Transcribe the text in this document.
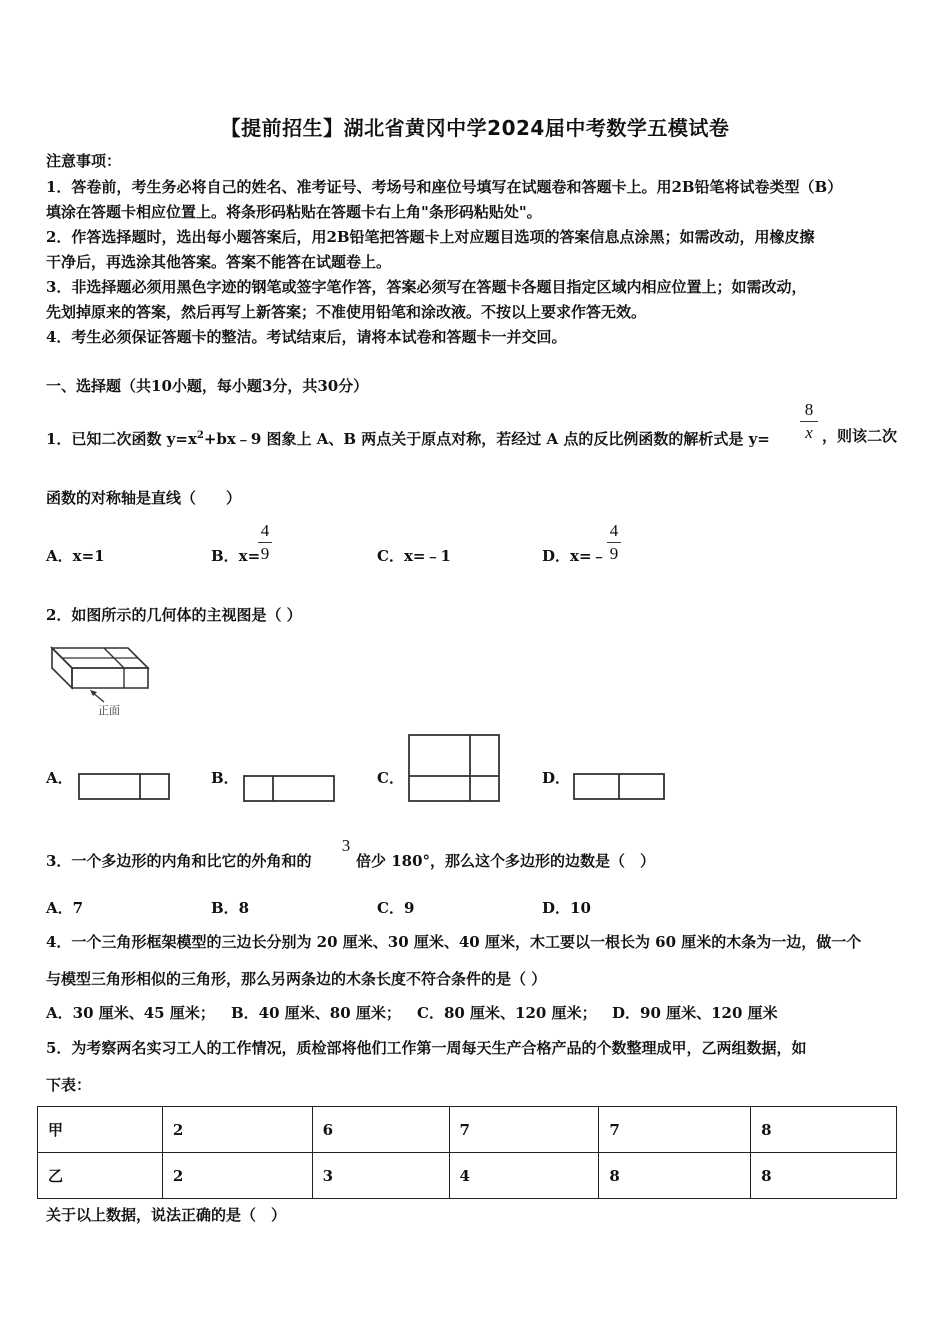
【提前招生】湖北省黄冈中学2024届中考数学五模试卷
注意事项：
1．答卷前，考生务必将自己的姓名、准考证号、考场号和座位号填写在试题卷和答题卡上。用2B铅笔将试卷类型（B）
填涂在答题卡相应位置上。将条形码粘贴在答题卡右上角"条形码粘贴处"。
2．作答选择题时，选出每小题答案后，用2B铅笔把答题卡上对应题目选项的答案信息点涂黑；如需改动，用橡皮擦
干净后，再选涂其他答案。答案不能答在试题卷上。
3．非选择题必须用黑色字迹的钢笔或签字笔作答，答案必须写在答题卡各题目指定区域内相应位置上；如需改动，
先划掉原来的答案，然后再写上新答案；不准使用铅笔和涂改液。不按以上要求作答无效。
4．考生必须保证答题卡的整洁。考试结束后，请将本试卷和答题卡一并交回。
一、选择题（共10小题，每小题3分，共30分）
1．已知二次函数 $y=x^2+bx﹣9$ 图象上 A、B 两点关于原点对称，若经过 A 点的反比例函数的解析式是 y=
8
x ，则该二次
函数的对称轴是直线（　　）
A．x=1	B．x=
4
9	C．x=﹣1	D．x=﹣
4
9
2．如图所示的几何体的主视图是（ ）
正面
A．	B．	C．	D．
3．一个多边形的内角和比它的外角和的
3
倍少 180°，那么这个多边形的边数是（　）
A．7	B．8	C．9	D．10
4．一个三角形框架模型的三边长分别为 20 厘米、30 厘米、40 厘米，木工要以一根长为 60 厘米的木条为一边，做一个
与模型三角形相似的三角形，那么另两条边的木条长度不符合条件的是（ ）
A．30 厘米、45 厘米； B．40 厘米、80 厘米； C．80 厘米、120 厘米； D．90 厘米、120 厘米
5．为考察两名实习工人的工作情况，质检部将他们工作第一周每天生产合格产品的个数整理成甲，乙两组数据，如
下表：
甲	2	6	7	7	8
乙	2	3	4	8	8
关于以上数据，说法正确的是（　）
